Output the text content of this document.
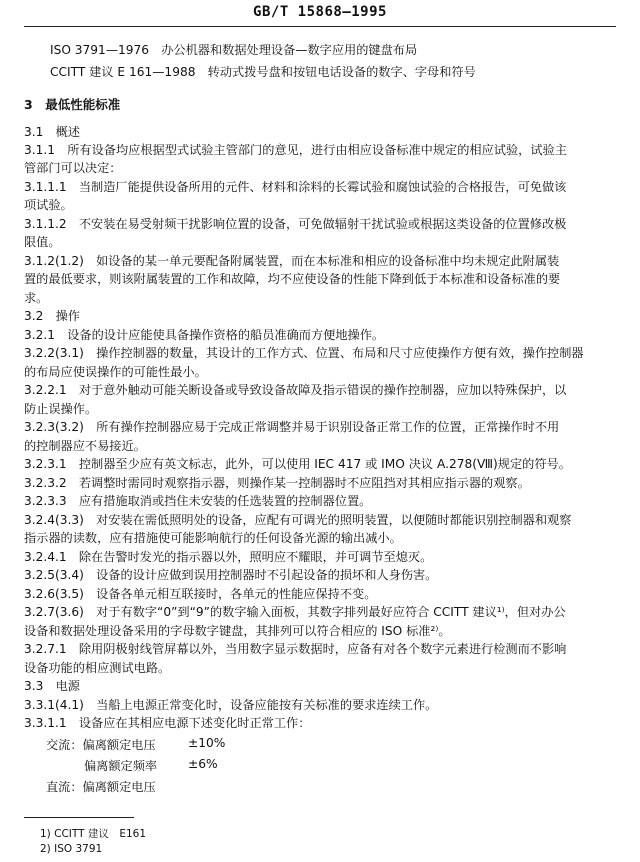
GB/T 15868—1995
ISO 3791—1976　办公机器和数据处理设备—数字应用的键盘布局
CCITT 建议 E 161—1988　转动式拨号盘和按钮电话设备的数字、字母和符号
3　最低性能标准
3.1　概述
3.1.1　所有设备均应根据型式试验主管部门的意见，进行由相应设备标准中规定的相应试验，试验主
管部门可以决定：
3.1.1.1　当制造厂能提供设备所用的元件、材料和涂料的长霉试验和腐蚀试验的合格报告，可免做该
项试验。
3.1.1.2　不安装在易受射频干扰影响位置的设备，可免做辐射干扰试验或根据这类设备的位置修改极
限值。
3.1.2(1.2)　如设备的某一单元要配备附属装置，而在本标准和相应的设备标准中均未规定此附属装
置的最低要求，则该附属装置的工作和故障，均不应使设备的性能下降到低于本标准和设备标准的要
求。
3.2　操作
3.2.1　设备的设计应能使具备操作资格的船员准确而方便地操作。
3.2.2(3.1)　操作控制器的数量，其设计的工作方式、位置、布局和尺寸应使操作方便有效，操作控制器
的布局应使误操作的可能性最小。
3.2.2.1　对于意外触动可能关断设备或导致设备故障及指示错误的操作控制器，应加以特殊保护，以
防止误操作。
3.2.3(3.2)　所有操作控制器应易于完成正常调整并易于识别设备正常工作的位置，正常操作时不用
的控制器应不易接近。
3.2.3.1　控制器至少应有英文标志，此外，可以使用 IEC 417 或 IMO 决议 A.278(Ⅷ)规定的符号。
3.2.3.2　若调整时需同时观察指示器，则操作某一控制器时不应阻挡对其相应指示器的观察。
3.2.3.3　应有措施取消或挡住未安装的任选装置的控制器位置。
3.2.4(3.3)　对安装在需低照明处的设备，应配有可调光的照明装置，以便随时都能识别控制器和观察
指示器的读数，应有措施使可能影响航行的任何设备光源的输出减小。
3.2.4.1　除在告警时发光的指示器以外，照明应不耀眼，并可调节至熄灭。
3.2.5(3.4)　设备的设计应做到误用控制器时不引起设备的损坏和人身伤害。
3.2.6(3.5)　设备各单元相互联接时，各单元的性能应保持不变。
3.2.7(3.6)　对于有数字“0”到“9”的数字输入面板，其数字排列最好应符合 CCITT 建议¹⁾，但对办公
设备和数据处理设备采用的字母数字键盘，其排列可以符合相应的 ISO 标准²⁾。
3.2.7.1　除用阴极射线管屏幕以外，当用数字显示数据时，应备有对各个数字元素进行检测而不影响
设备功能的相应测试电路。
3.3　电源
3.3.1(4.1)　当船上电源正常变化时，设备应能按有关标准的要求连续工作。
3.3.1.1　设备应在其相应电源下述变化时正常工作：
交流：偏离额定电压	±10%
偏离额定频率	±6%
直流：偏离额定电压
1) CCITT 建议　E161
2) ISO 3791
